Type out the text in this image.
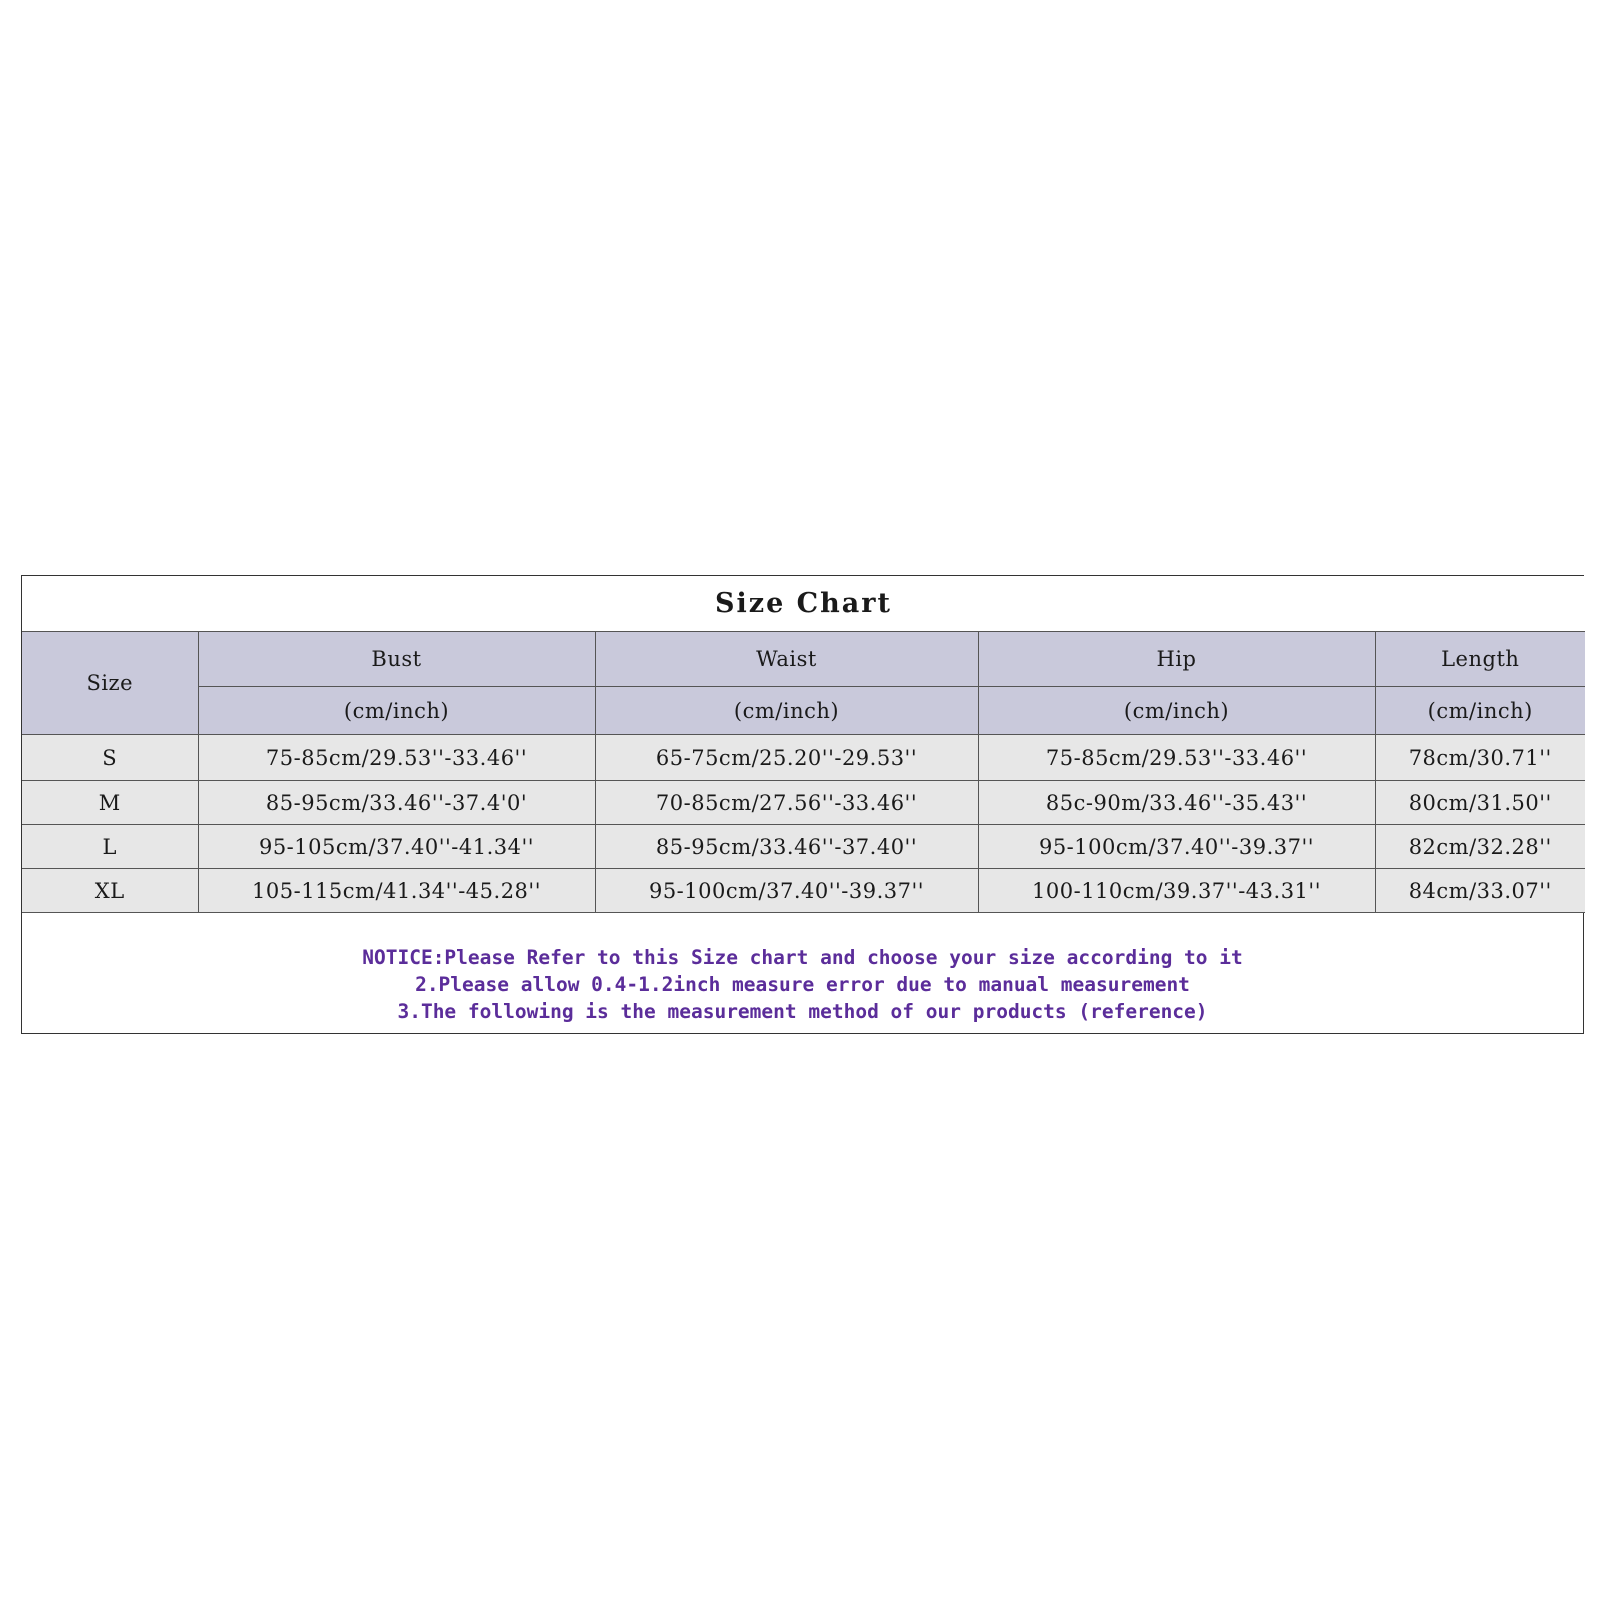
Size Chart				
Size	Bust	Waist	Hip	Length
	(cm/inch)	(cm/inch)	(cm/inch)	(cm/inch)
S	75-85cm/29.53''-33.46''	65-75cm/25.20''-29.53''	75-85cm/29.53''-33.46''	78cm/30.71''
M	85-95cm/33.46''-37.4'0'	70-85cm/27.56''-33.46''	85c-90m/33.46''-35.43''	80cm/31.50''
L	95-105cm/37.40''-41.34''	85-95cm/33.46''-37.40''	95-100cm/37.40''-39.37''	82cm/32.28''
XL	105-115cm/41.34''-45.28''	95-100cm/37.40''-39.37''	100-110cm/39.37''-43.31''	84cm/33.07''
NOTICE:Please Refer to this Size chart and choose your size according to it
2.Please allow 0.4-1.2inch measure error due to manual measurement
3.The following is the measurement method of our products (reference)
